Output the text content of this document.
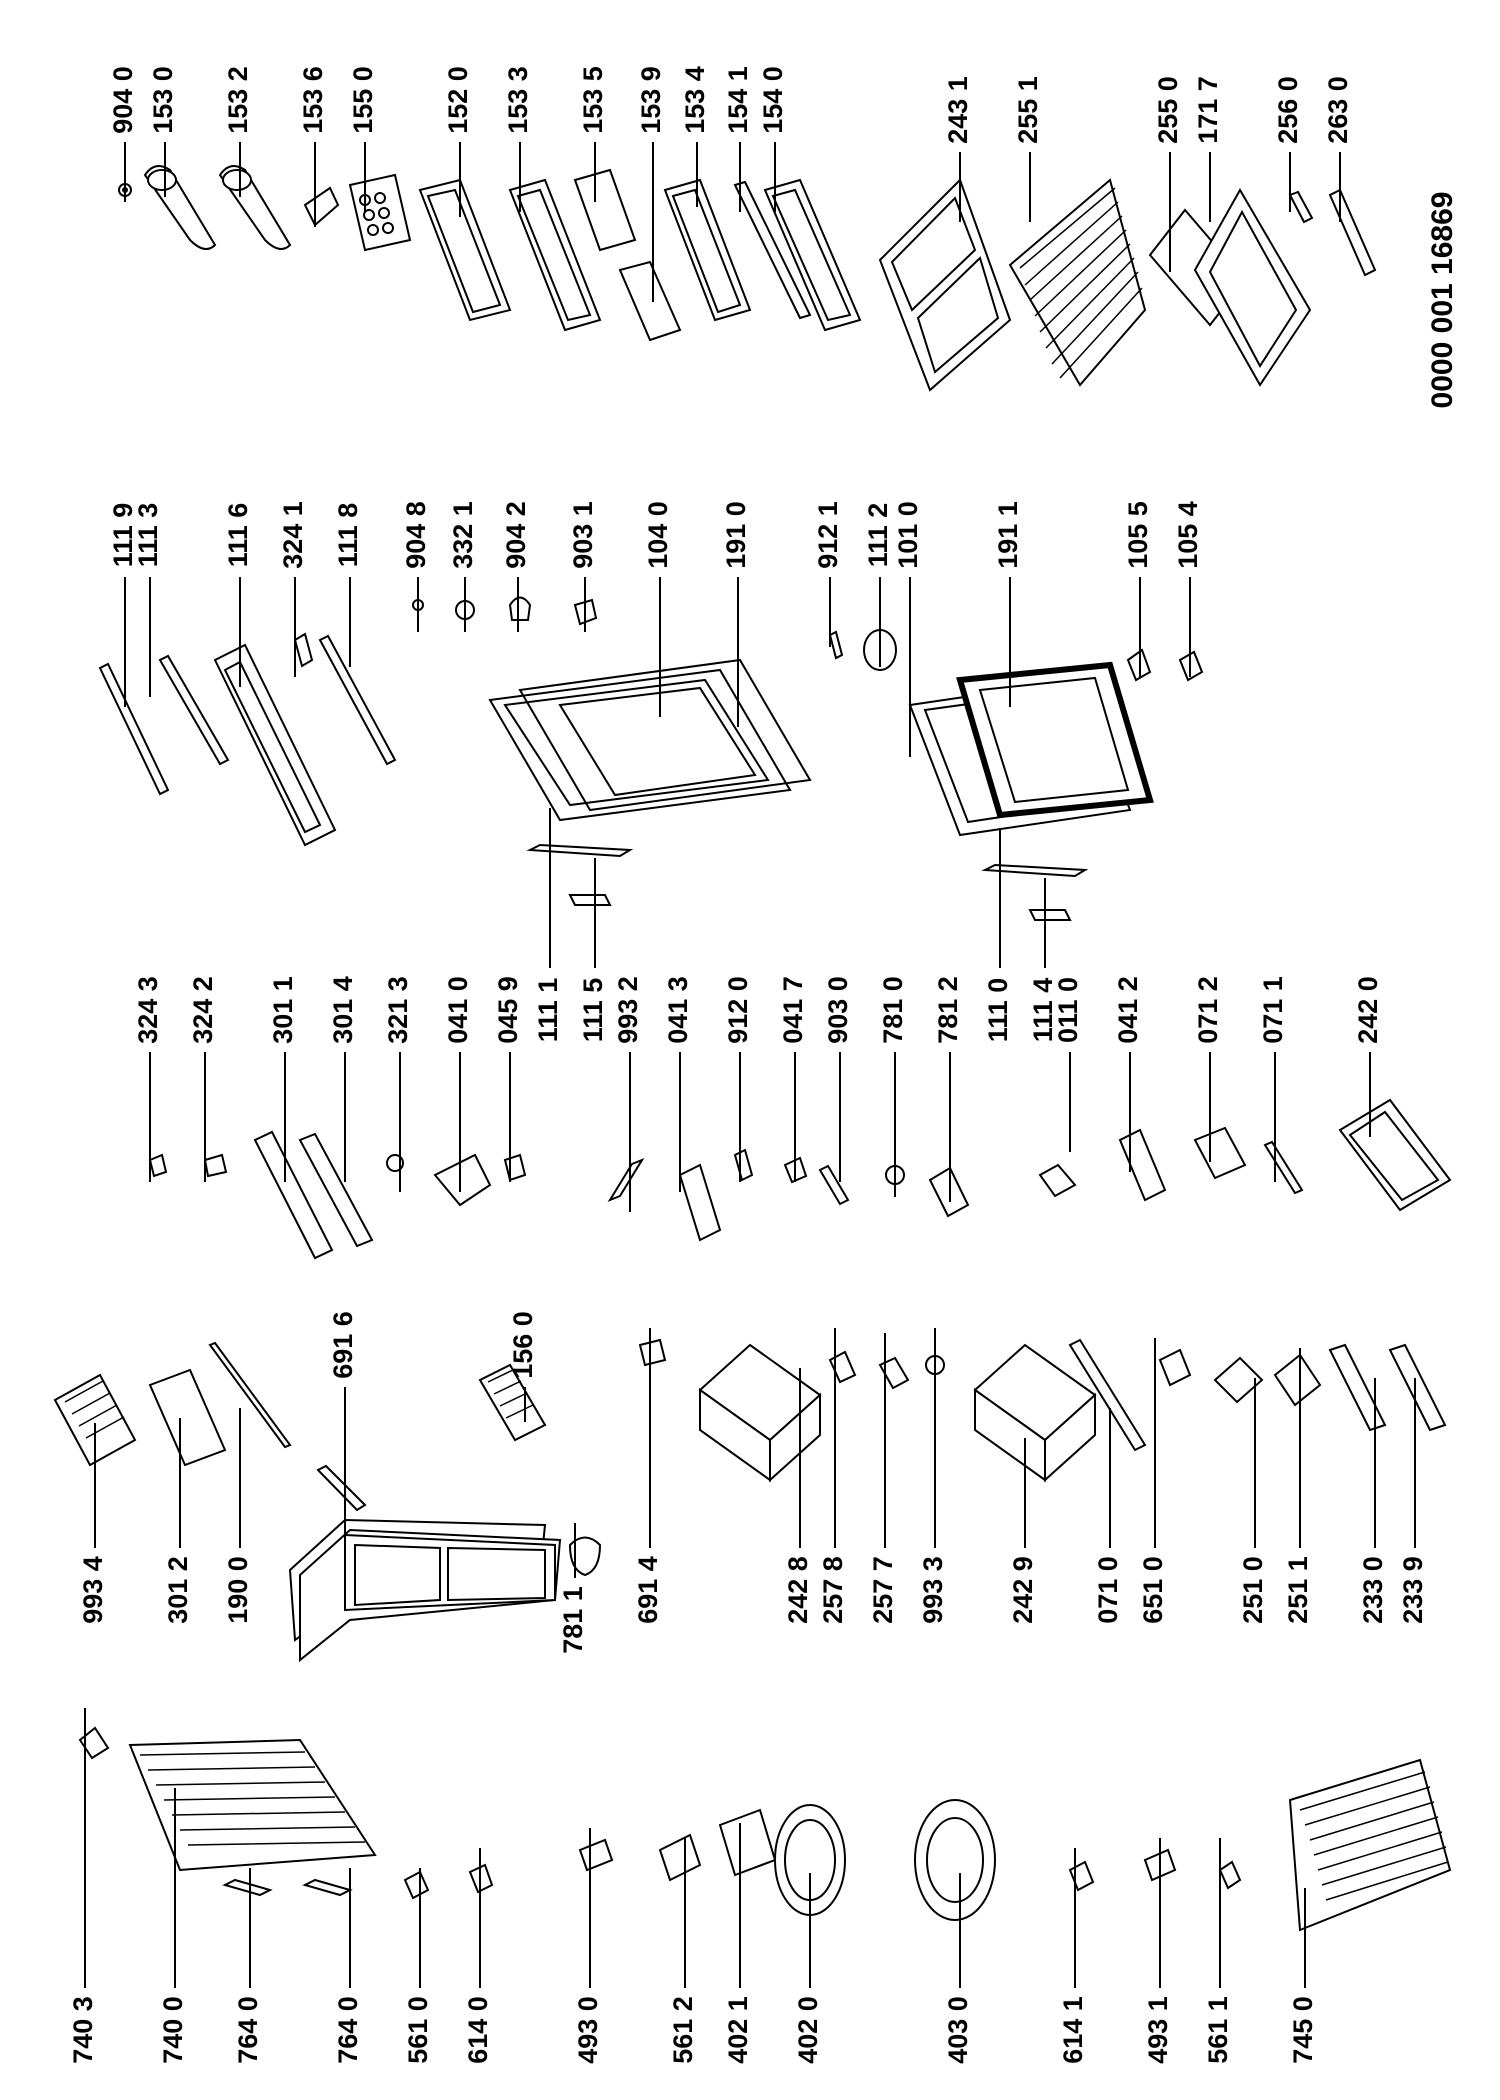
904 0 153 0 153 2 153 6 155 0 152 0 153 3 153 5 153 9 153 4 154 1 154 0	243 1 255 1	255 0 171 7 256 0 263 0
111 9
111 3 111 6 324 1 111 8 904 8 332 1 904 2 903 1 104 0 191 0 912 1 111 2 101 0	191 1	105 5 105 4
324 3 324 2 301 1 301 4 321 3 041 0 045 9 111 1 111 5 993 2 041 3 912 0 041 7 903 0 781 0 781 2 111 0 111 4
011 0 041 2 071 2 071 1 242 0
993 4 301 2 190 0
691 6	156 0
781 1 691 4	242 8 257 8 257 7 993 3 242 9 071 0 651 0	251 0 251 1 233 0 233 9
740 3 740 0 764 0	764 0 561 0 614 0	493 0 561 2 402 1 402 0	403 0	614 1 493 1 561 1 745 0
0000 001 16869
